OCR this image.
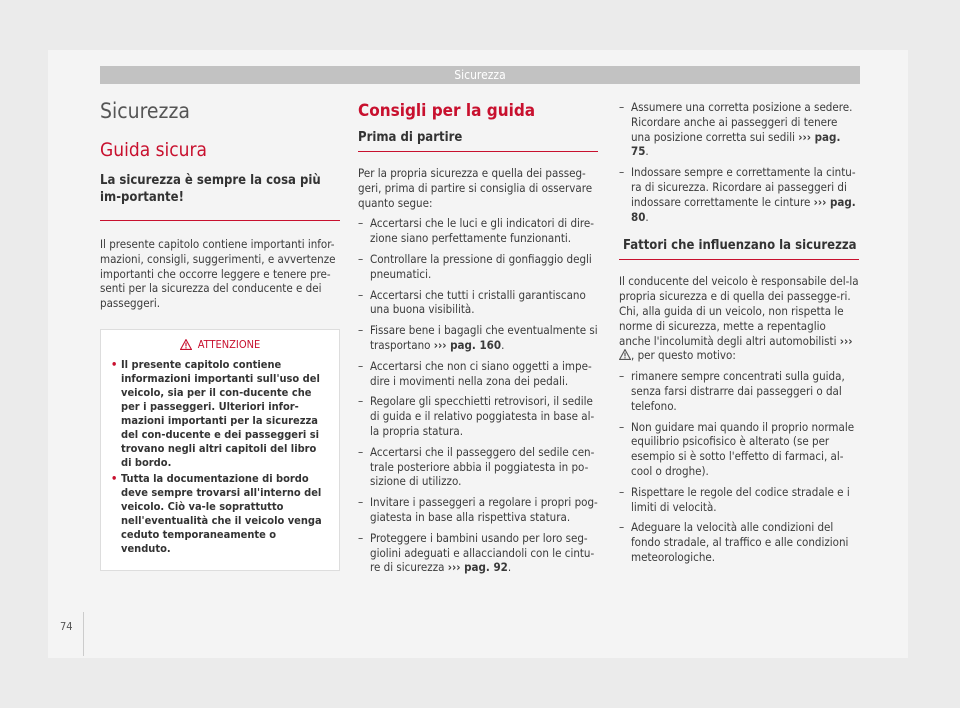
Sicurezza
Sicurezza
Guida sicura
La sicurezza è sempre la cosa più im-portante!

Il presente capitolo contiene importanti infor-mazioni, consigli, suggerimenti, e avvertenze importanti che occorre leggere e tenere pre-senti per la sicurezza del conducente e dei passeggeri.

ATTENZIONE
• Il presente capitolo contiene informazioni importanti sull'uso del veicolo, sia per il con-ducente che per i passeggeri. Ulteriori infor-mazioni importanti per la sicurezza del con-ducente e dei passeggeri si trovano negli altri capitoli del libro di bordo.
• Tutta la documentazione di bordo deve sempre trovarsi all'interno del veicolo. Ciò va-le soprattutto nell'eventualità che il veicolo venga ceduto temporaneamente o venduto.
Consigli per la guida
Prima di partire

Per la propria sicurezza e quella dei passeg-geri, prima di partire si consiglia di osservare quanto segue:

– Accertarsi che le luci e gli indicatori di dire-zione siano perfettamente funzionanti.
– Controllare la pressione di gonfiaggio degli pneumatici.
– Accertarsi che tutti i cristalli garantiscano una buona visibilità.
– Fissare bene i bagagli che eventualmente si trasportano ››› pag. 160.
– Accertarsi che non ci siano oggetti a impe-dire i movimenti nella zona dei pedali.
– Regolare gli specchietti retrovisori, il sedile di guida e il relativo poggiatesta in base al-la propria statura.
– Accertarsi che il passeggero del sedile cen-trale posteriore abbia il poggiatesta in po-sizione di utilizzo.
– Invitare i passeggeri a regolare i propri pog-giatesta in base alla rispettiva statura.
– Proteggere i bambini usando per loro seg-giolini adeguati e allacciandoli con le cintu-re di sicurezza ››› pag. 92.
– Assumere una corretta posizione a sedere. Ricordare anche ai passeggeri di tenere una posizione corretta sui sedili ››› pag. 75.
– Indossare sempre e correttamente la cintu-ra di sicurezza. Ricordare ai passeggeri di indossare correttamente le cinture ››› pag. 80.
Fattori che influenzano la sicurezza

Il conducente del veicolo è responsabile del-la propria sicurezza e di quella dei passegge-ri. Chi, alla guida di un veicolo, non rispetta le norme di sicurezza, mette a repentaglio anche l'incolumità degli altri automobilisti ››› , per questo motivo:

– rimanere sempre concentrati sulla guida, senza farsi distrarre dai passeggeri o dal telefono.
– Non guidare mai quando il proprio normale equilibrio psicofisico è alterato (se per esempio si è sotto l'effetto di farmaci, al-cool o droghe).
– Rispettare le regole del codice stradale e i limiti di velocità.
– Adeguare la velocità alle condizioni del fondo stradale, al traffico e alle condizioni meteorologiche.
74
